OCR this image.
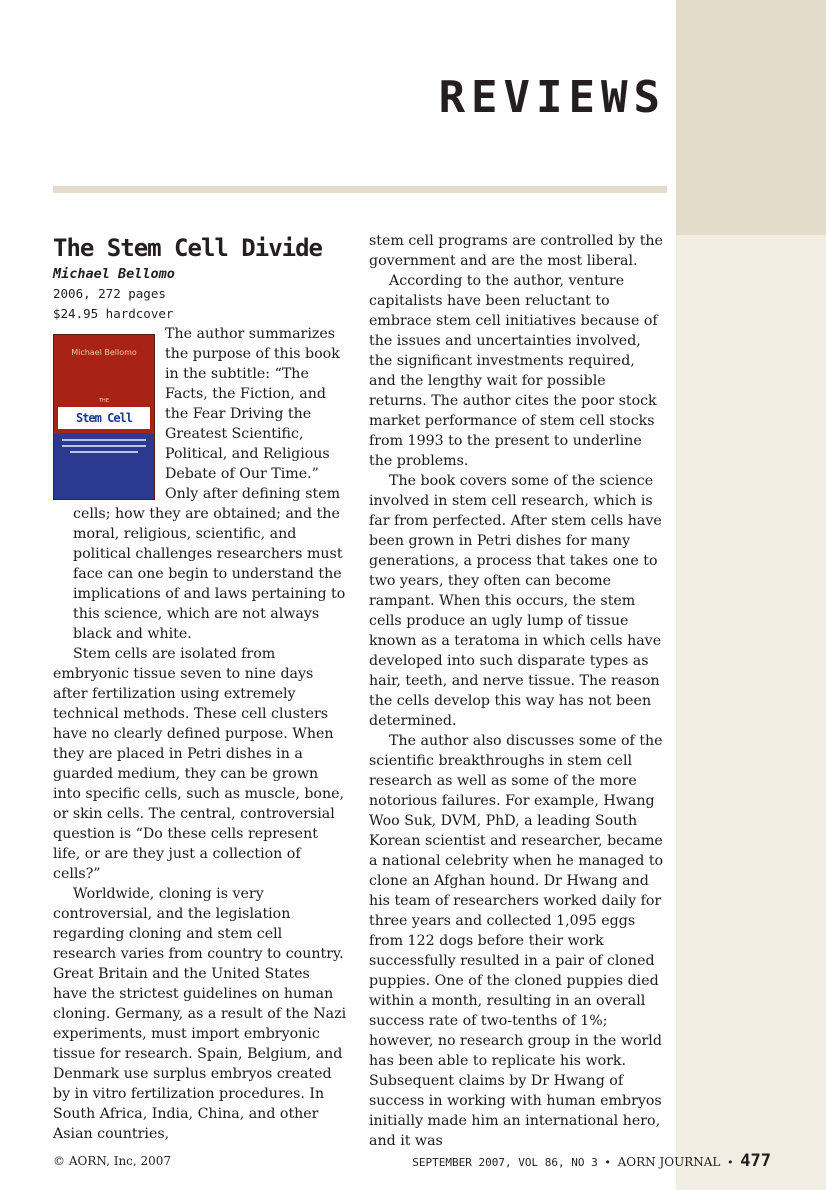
REVIEWS
The Stem Cell Divide

Michael Bellomo

2006, 272 pages

$24.95 hardcover

Michael Bellomo
THE
Stem Cell

The author summarizes the purpose of this book in the subtitle: “The Facts, the Fiction, and the Fear Driving the Greatest Scientific, Political, and Religious Debate of Our Time.” Only after defining stem cells; how they are obtained; and the moral, religious, scientific, and political challenges researchers must face can one begin to understand the implications of and laws pertaining to this science, which are not always black and white.

Stem cells are isolated from embryonic tissue seven to nine days after fertilization using extremely technical methods. These cell clusters have no clearly defined purpose. When they are placed in Petri dishes in a guarded medium, they can be grown into specific cells, such as muscle, bone, or skin cells. The central, controversial question is “Do these cells represent life, or are they just a collection of cells?”

Worldwide, cloning is very controversial, and the legislation regarding cloning and stem cell research varies from country to country. Great Britain and the United States have the strictest guidelines on human cloning. Germany, as a result of the Nazi experiments, must import embryonic tissue for research. Spain, Belgium, and Denmark use surplus embryos created by in vitro fertilization procedures. In South Africa, India, China, and other Asian countries,

stem cell programs are controlled by the government and are the most liberal.

According to the author, venture capitalists have been reluctant to embrace stem cell initiatives because of the issues and uncertainties involved, the significant investments required, and the lengthy wait for possible returns. The author cites the poor stock market performance of stem cell stocks from 1993 to the present to underline the problems.

The book covers some of the science involved in stem cell research, which is far from perfected. After stem cells have been grown in Petri dishes for many generations, a process that takes one to two years, they often can become rampant. When this occurs, the stem cells produce an ugly lump of tissue known as a teratoma in which cells have developed into such disparate types as hair, teeth, and nerve tissue. The reason the cells develop this way has not been determined.

The author also discusses some of the scientific breakthroughs in stem cell research as well as some of the more notorious failures. For example, Hwang Woo Suk, DVM, PhD, a leading South Korean scientist and researcher, became a national celebrity when he managed to clone an Afghan hound. Dr Hwang and his team of researchers worked daily for three years and collected 1,095 eggs from 122 dogs before their work successfully resulted in a pair of cloned puppies. One of the cloned puppies died within a month, resulting in an overall success rate of two-tenths of 1%; however, no research group in the world has been able to replicate his work. Subsequent claims by Dr Hwang of success in working with human embryos initially made him an international hero, and it was

© AORN, Inc, 2007	SEPTEMBER 2007, VOL 86, NO 3 • AORN JOURNAL • 477
